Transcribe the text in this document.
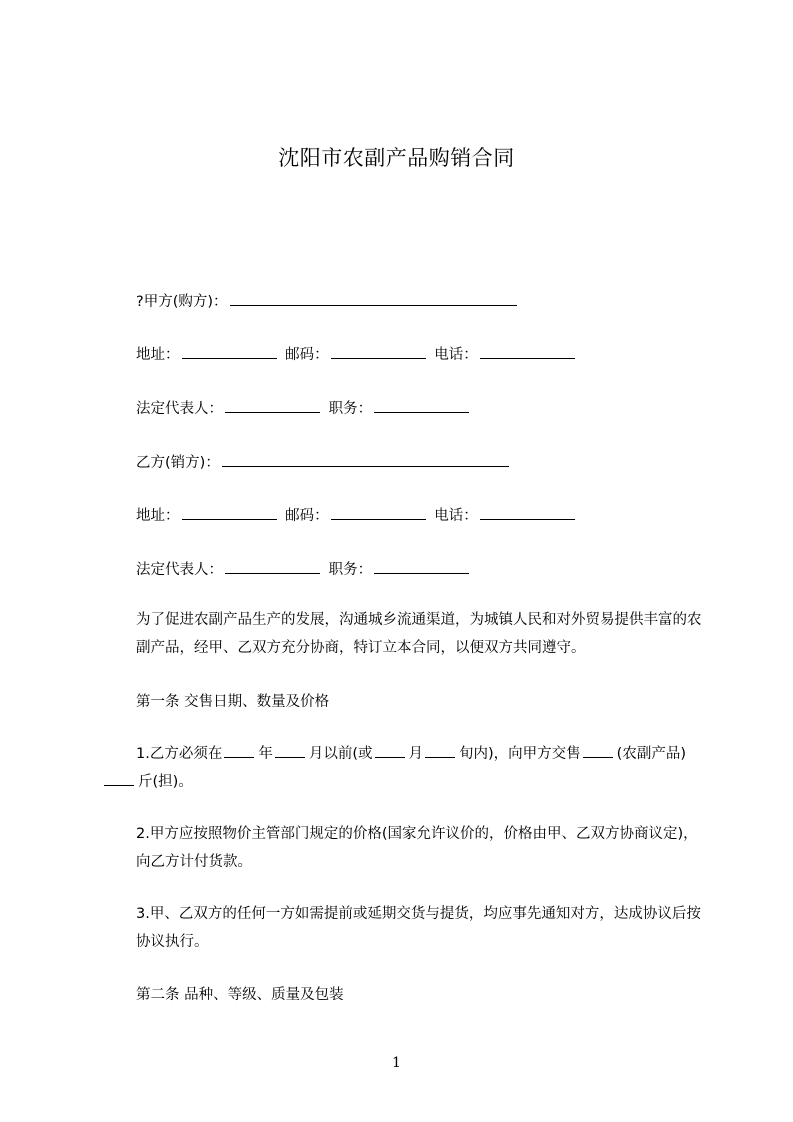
沈阳市农副产品购销合同
?甲方(购方)：
地址：	邮码：	电话：
法定代表人：	职务：
乙方(销方)：
地址：	邮码：	电话：
法定代表人：	职务：
为了促进农副产品生产的发展，沟通城乡流通渠道，为城镇人民和对外贸易提供丰富的农副产品，经甲、乙双方充分协商，特订立本合同，以便双方共同遵守。
第一条 交售日期、数量及价格
1.乙方必须在 年 月以前(或 月 旬内)，向甲方交售 (农副产品)
斤(担)。
2.甲方应按照物价主管部门规定的价格(国家允许议价的，价格由甲、乙双方协商议定)，向乙方计付货款。
3.甲、乙双方的任何一方如需提前或延期交货与提货，均应事先通知对方，达成协议后按协议执行。
第二条 品种、等级、质量及包装
1
